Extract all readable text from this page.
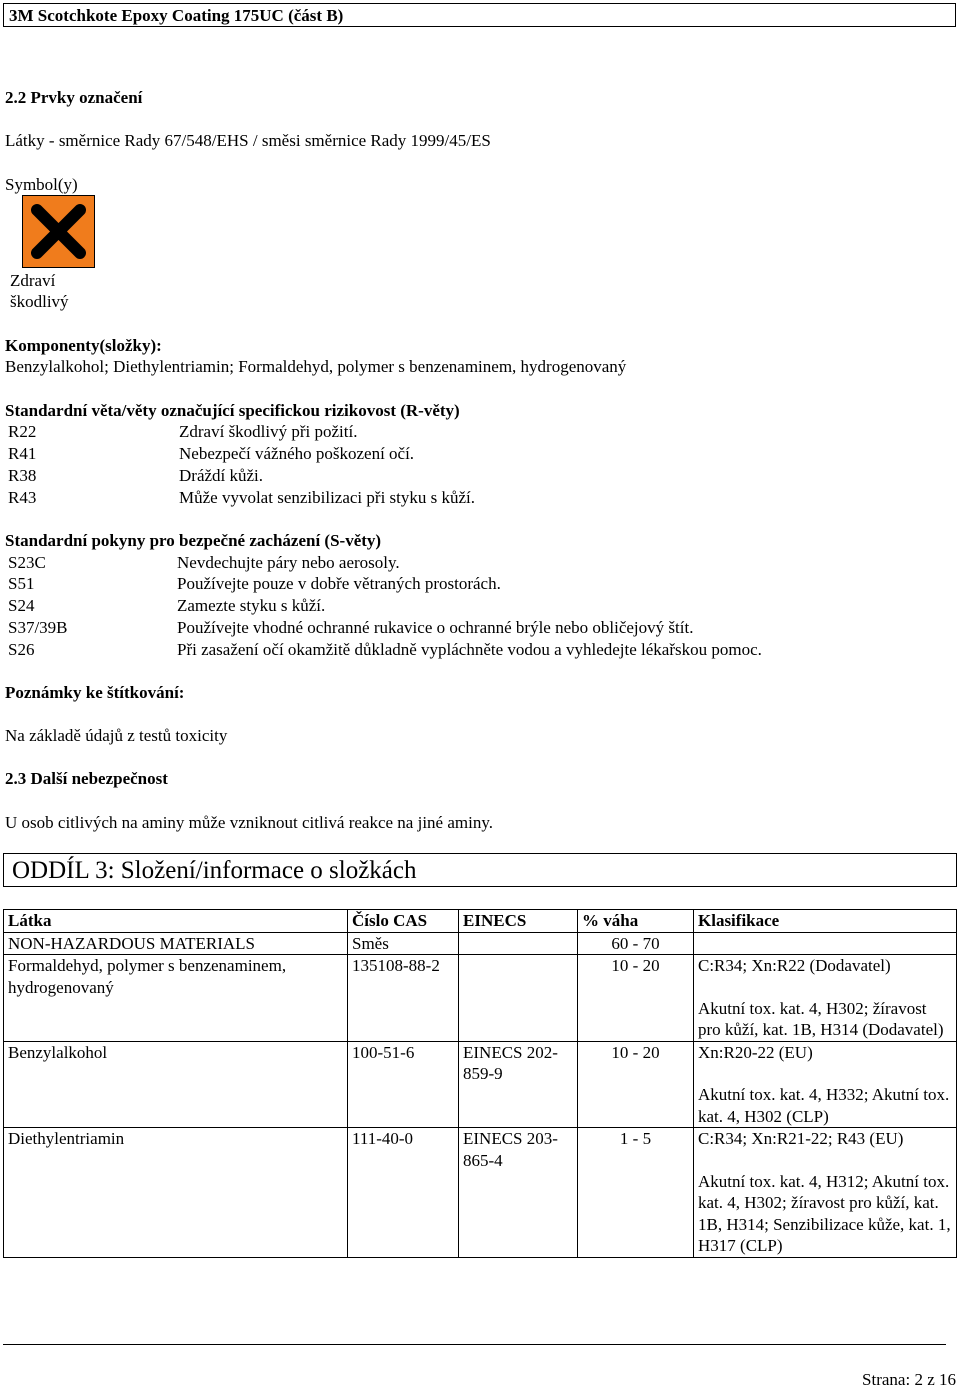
3M Scotchkote Epoxy Coating 175UC (část B)
2.2 Prvky označení
Látky - směrnice Rady 67/548/EHS / směsi směrnice Rady 1999/45/ES
Symbol(y)
Zdraví
škodlivý
Komponenty(složky):
Benzylalkohol; Diethylentriamin; Formaldehyd, polymer s benzenaminem, hydrogenovaný
Standardní věta/věty označující specifickou rizikovost (R-věty)
R22	Zdraví škodlivý při požití.
R41	Nebezpečí vážného poškození očí.
R38	Dráždí kůži.
R43	Může vyvolat senzibilizaci při styku s kůží.
Standardní pokyny pro bezpečné zacházení (S-věty)
S23C	Nevdechujte páry nebo aerosoly.
S51	Používejte pouze v dobře větraných prostorách.
S24	Zamezte styku s kůží.
S37/39B	Používejte vhodné ochranné rukavice o ochranné brýle nebo obličejový štít.
S26	Při zasažení očí okamžitě důkladně vypláchněte vodou a vyhledejte lékařskou pomoc.
Poznámky ke štítkování:
Na základě údajů z testů toxicity
2.3 Další nebezpečnost
U osob citlivých na aminy může vzniknout citlivá reakce na jiné aminy.
ODDÍL 3: Složení/informace o složkách
Látka	Číslo CAS	EINECS	% váha	Klasifikace
NON-HAZARDOUS MATERIALS	Směs		60 - 70	

Formaldehyd, polymer s benzenaminem, hydrogenovaný	135108-88-2		10 - 20	C:R34; Xn:R22 (Dodavatel)
Akutní tox. kat. 4, H302; žíravost pro kůží, kat. 1B, H314 (Dodavatel)

Benzylalkohol	100-51-6	EINECS 202-859-9	10 - 20	Xn:R20-22 (EU)
Akutní tox. kat. 4, H332; Akutní tox. kat. 4, H302 (CLP)

Diethylentriamin	111-40-0	EINECS 203-865-4	1 - 5	C:R34; Xn:R21-22; R43 (EU)
Akutní tox. kat. 4, H312; Akutní tox. kat. 4, H302; žíravost pro kůží, kat. 1B, H314; Senzibilizace kůže, kat. 1, H317 (CLP)
Strana: 2 z 16
